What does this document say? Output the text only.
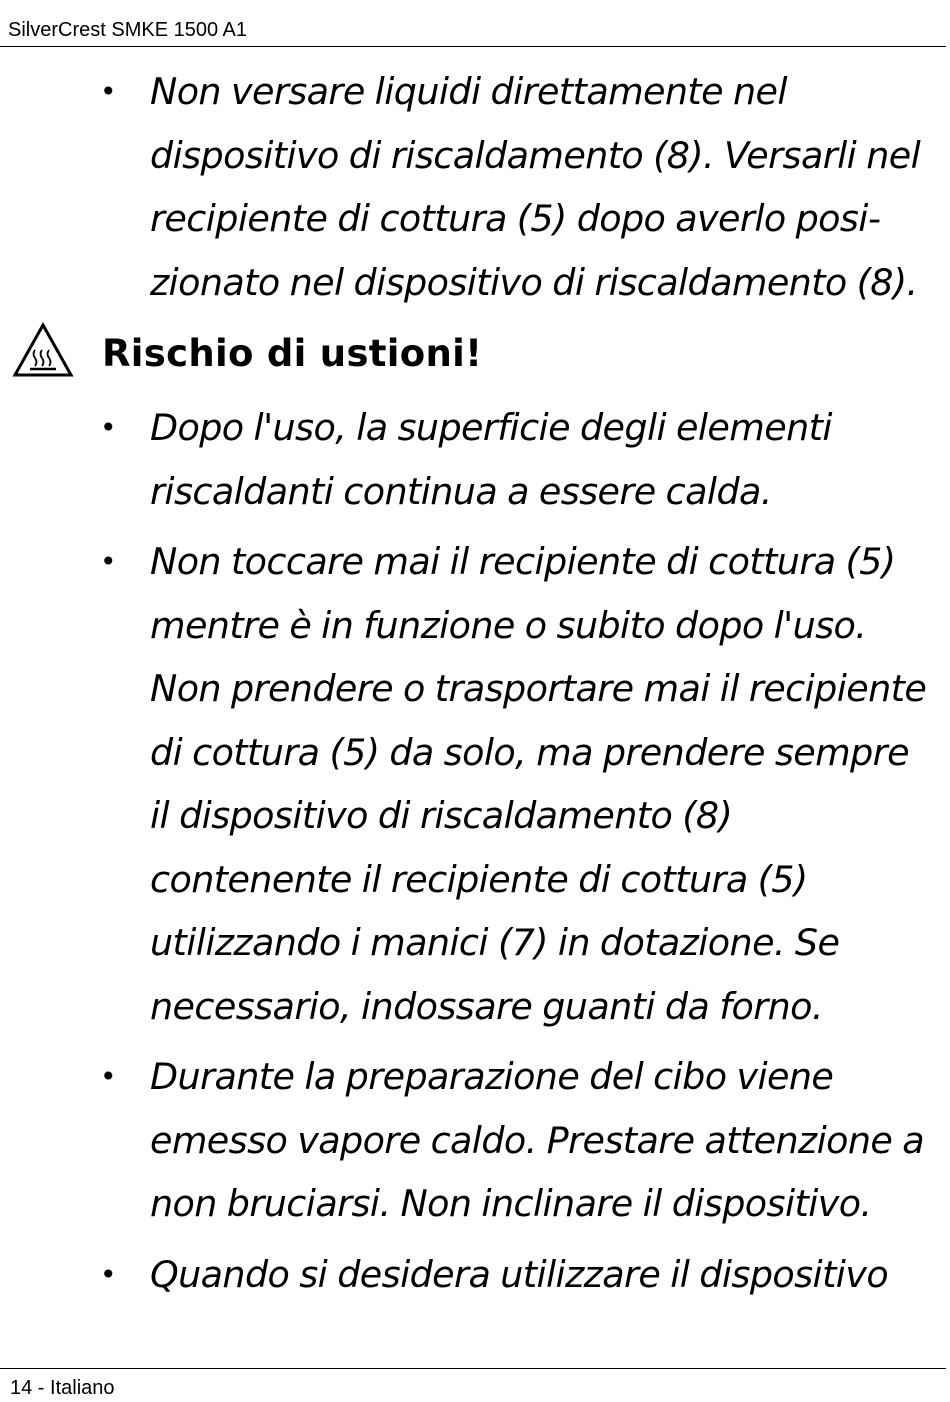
SilverCrest SMKE 1500 A1
• Non versare liquidi direttamente nel
dispositivo di riscaldamento (8). Versarli nel
recipiente di cottura (5) dopo averlo posi-
zionato nel dispositivo di riscaldamento (8).
Rischio di ustioni!
• Dopo l'uso, la superficie degli elementi
riscaldanti continua a essere calda.
• Non toccare mai il recipiente di cottura (5)
mentre è in funzione o subito dopo l'uso.
Non prendere o trasportare mai il recipiente
di cottura (5) da solo, ma prendere sempre
il dispositivo di riscaldamento (8)
contenente il recipiente di cottura (5)
utilizzando i manici (7) in dotazione. Se
necessario, indossare guanti da forno.
• Durante la preparazione del cibo viene
emesso vapore caldo. Prestare attenzione a
non bruciarsi. Non inclinare il dispositivo.
• Quando si desidera utilizzare il dispositivo
14 - Italiano
